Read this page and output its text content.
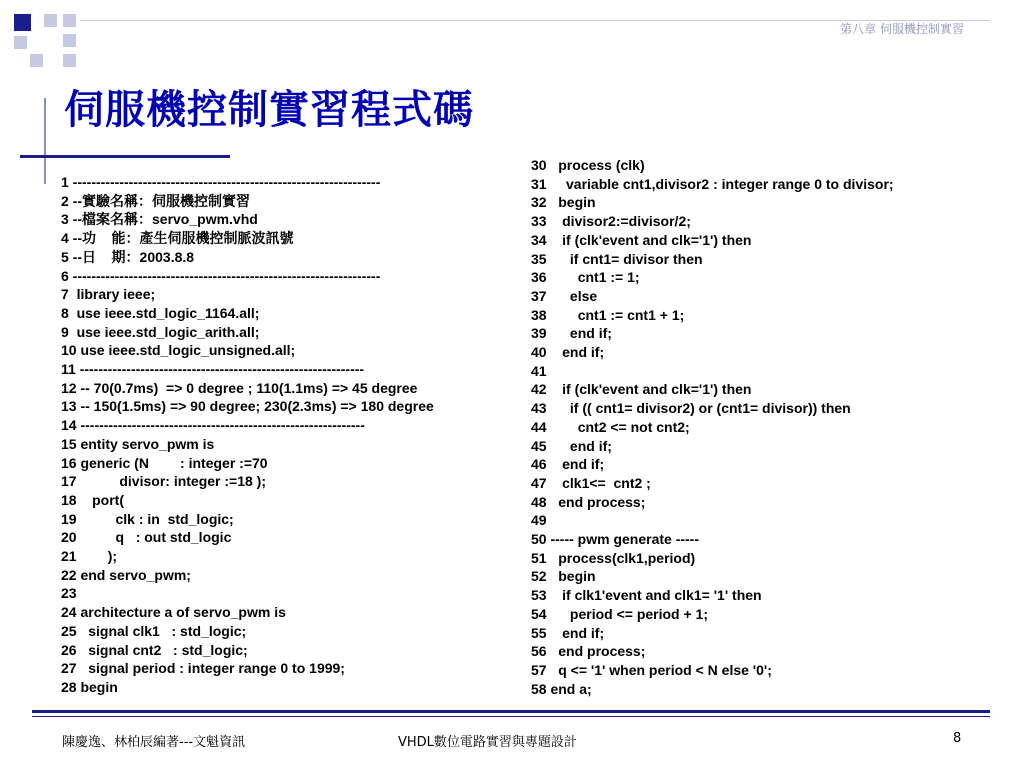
第八章 伺服機控制實習
伺服機控制實習程式碼
1 ------------------------------------------------------------------
2 --實驗名稱：伺服機控制實習
3 --檔案名稱：servo_pwm.vhd
4 --功    能：產生伺服機控制脈波訊號
5 --日    期：2003.8.8
6 ------------------------------------------------------------------
7  library ieee;
8  use ieee.std_logic_1164.all;
9  use ieee.std_logic_arith.all;
10 use ieee.std_logic_unsigned.all;
11 -------------------------------------------------------------
12 -- 70(0.7ms)  => 0 degree ; 110(1.1ms) => 45 degree
13 -- 150(1.5ms) => 90 degree; 230(2.3ms) => 180 degree
14 -------------------------------------------------------------
15 entity servo_pwm is
16 generic (N        : integer :=70
17           divisor: integer :=18 );
18    port(
19          clk : in  std_logic;
20          q   : out std_logic
21        );
22 end servo_pwm;
23
24 architecture a of servo_pwm is
25   signal clk1   : std_logic;
26   signal cnt2   : std_logic;
27   signal period : integer range 0 to 1999;
28 begin
30   process (clk)
31     variable cnt1,divisor2 : integer range 0 to divisor;
32   begin
33    divisor2:=divisor/2;
34    if (clk'event and clk='1') then
35      if cnt1= divisor then
36        cnt1 := 1;
37      else
38        cnt1 := cnt1 + 1;
39      end if;
40    end if;
41
42    if (clk'event and clk='1') then
43      if (( cnt1= divisor2) or (cnt1= divisor)) then
44        cnt2 <= not cnt2;
45      end if;
46    end if;
47    clk1<=  cnt2 ;
48   end process;
49
50 ----- pwm generate -----
51   process(clk1,period)
52   begin
53    if clk1'event and clk1= '1' then
54      period <= period + 1;
55    end if;
56   end process;
57   q <= '1' when period < N else '0';
58 end a;
陳慶逸、林柏辰編著---文魁資訊	VHDL數位電路實習與專題設計	8
